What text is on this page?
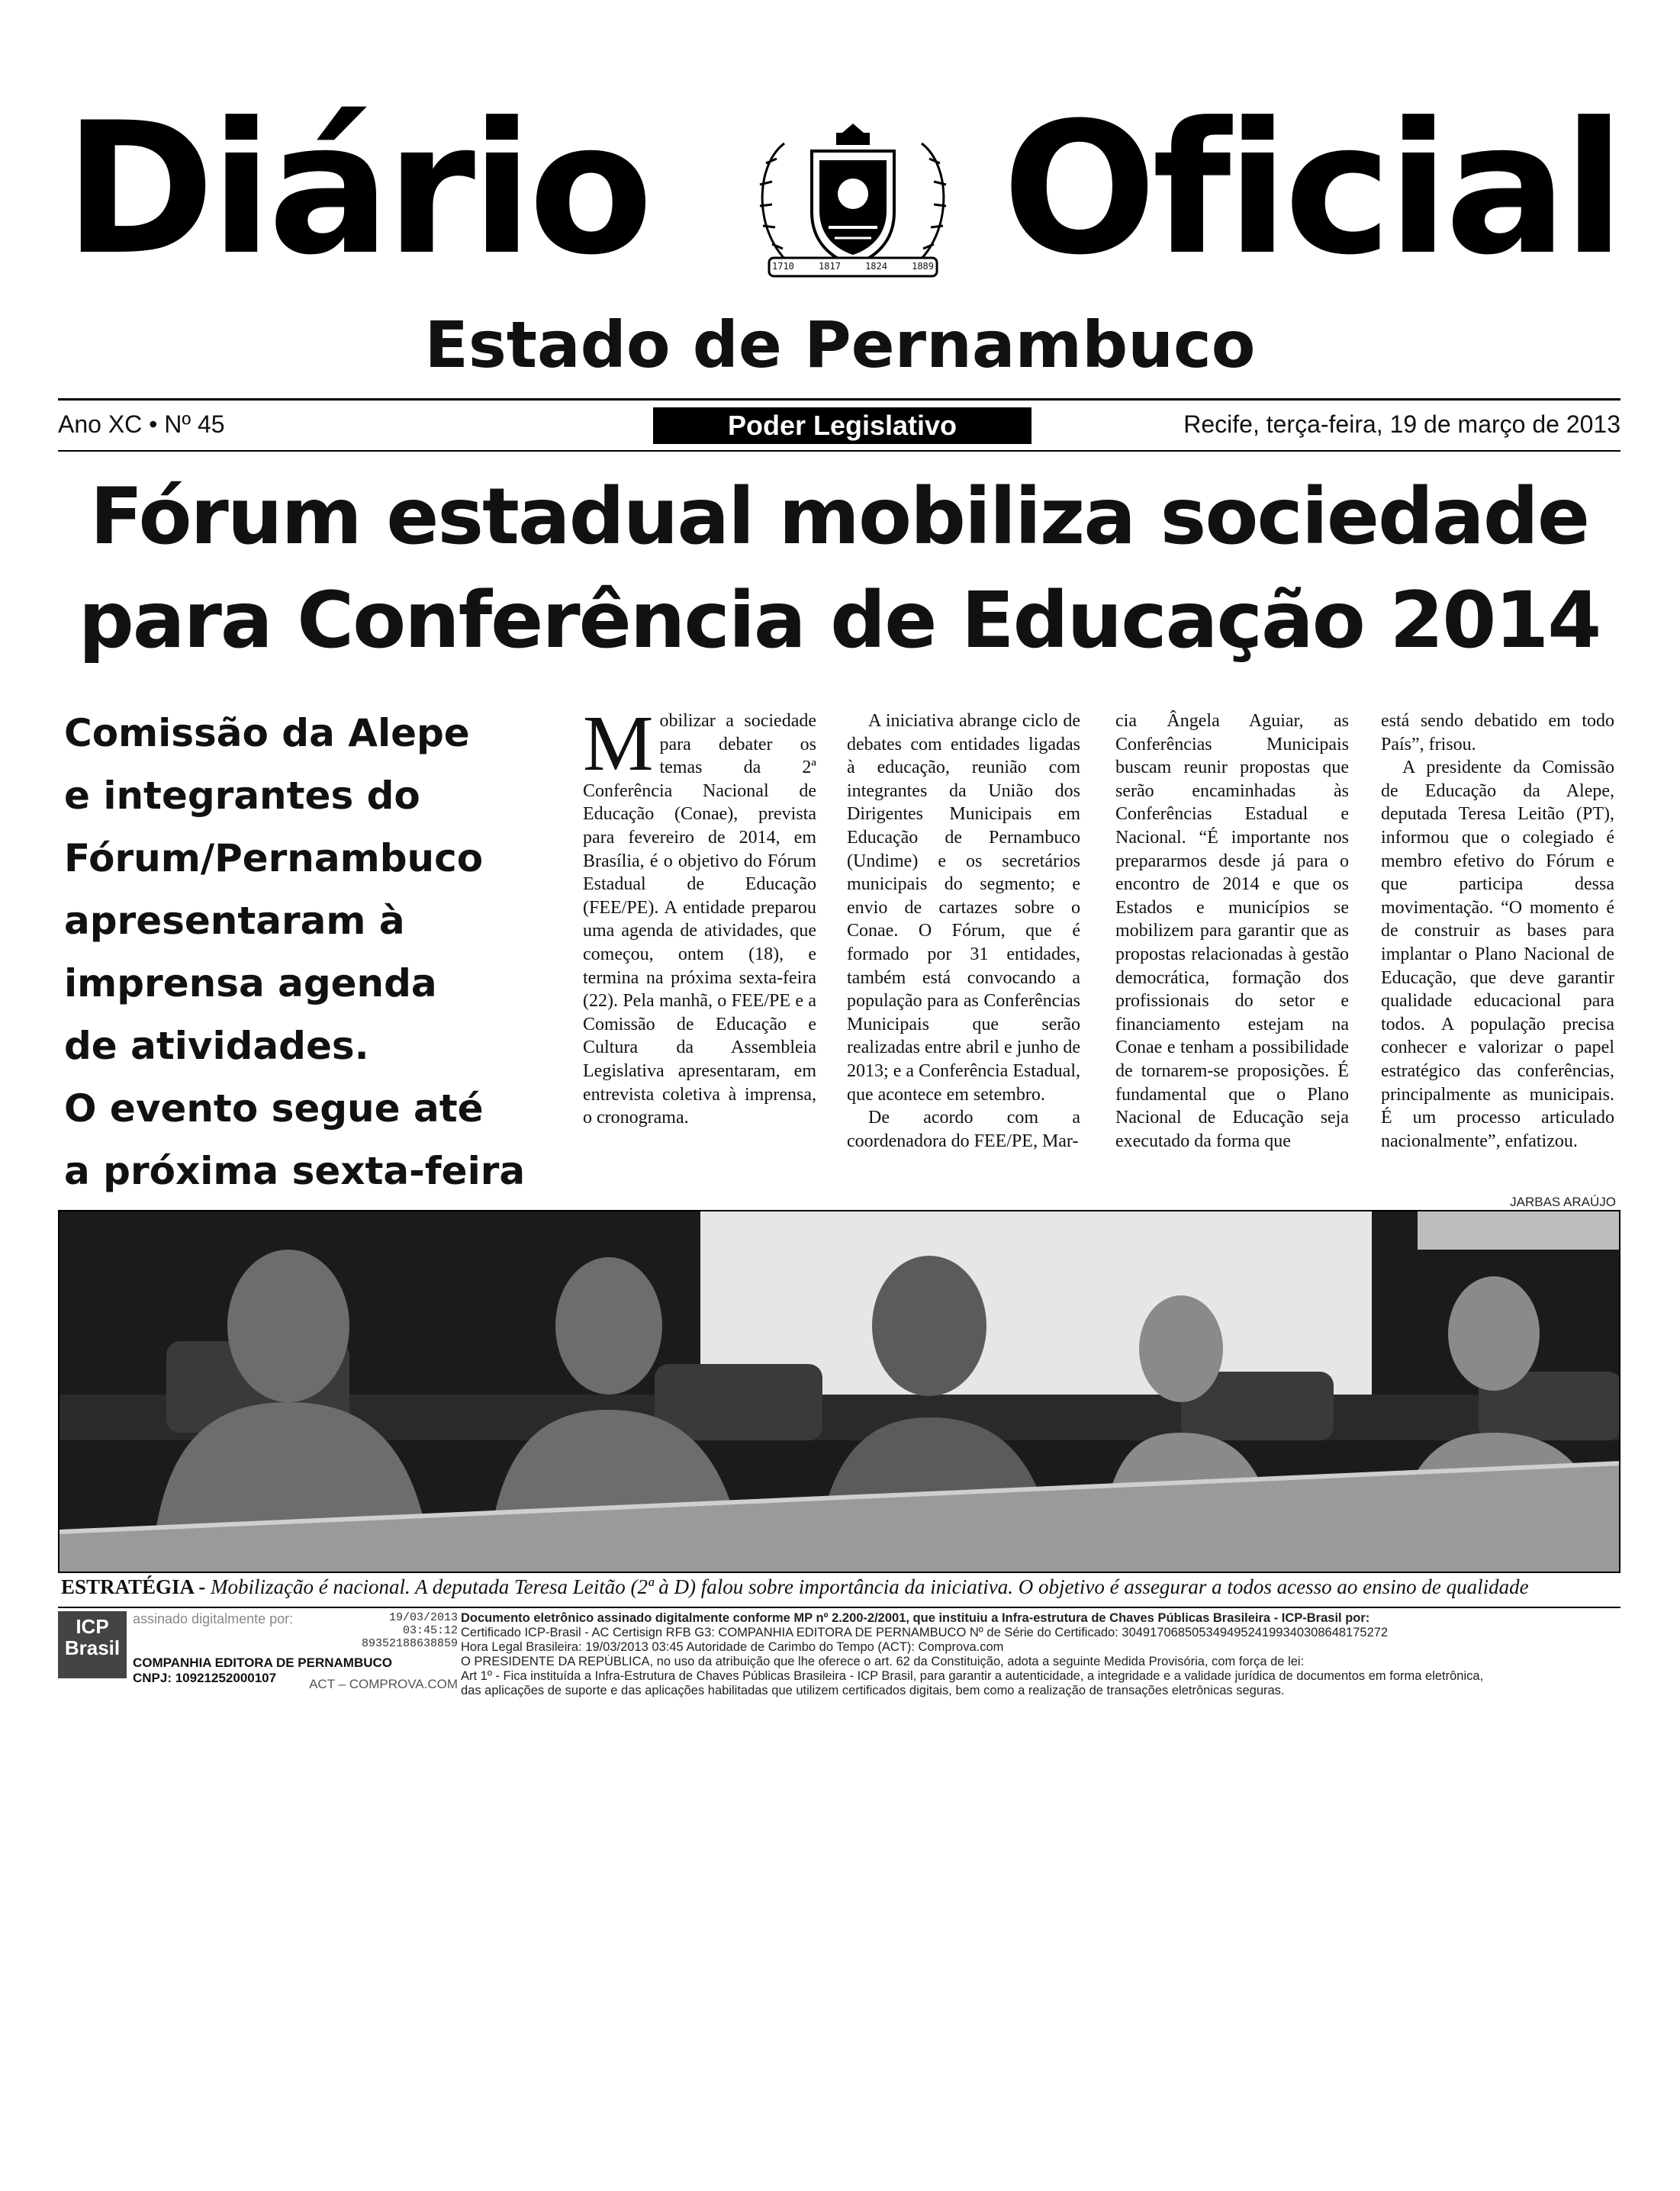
Diário Oficial
1710	1817	1824	1889
Estado de Pernambuco
Ano XC • Nº 45	Poder Legislativo	Recife, terça-feira, 19 de março de 2013
Fórum estadual mobiliza sociedade
para Conferência de Educação 2014
Comissão da Alepe
e integrantes do
Fórum/Pernambuco
apresentaram à
imprensa agenda
de atividades.
O evento segue até
a próxima sexta-feira
M obilizar a sociedade para debater os temas da 2ª Conferência Nacional de Educação (Conae), prevista para fevereiro de 2014, em Brasília, é o objetivo do Fórum Estadual de Educação (FEE/PE). A entidade preparou uma agenda de atividades, que começou, ontem (18), e termina na próxima sexta-feira (22). Pela manhã, o FEE/PE e a Comissão de Educação e Cultura da Assembleia Legislativa apresentaram, em entrevista coletiva à imprensa, o cronograma.

A iniciativa abrange ciclo de debates com entidades ligadas à educação, reunião com integrantes da União dos Dirigentes Municipais em Educação de Pernambuco (Undime) e os secretários municipais do segmento; e envio de cartazes sobre o Conae. O Fórum, que é formado por 31 entidades, também está convocando a população para as Conferências Municipais que serão realizadas entre abril e junho de 2013; e a Conferência Estadual, que acontece em setembro.

De acordo com a coordenadora do FEE/PE, Mar-

cia Ângela Aguiar, as Conferências Municipais buscam reunir propostas que serão encaminhadas às Conferências Estadual e Nacional. “É importante nos prepararmos desde já para o encontro de 2014 e que os Estados e municípios se mobilizem para garantir que as propostas relacionadas à gestão democrática, formação dos profissionais do setor e financiamento estejam na Conae e tenham a possibilidade de tornarem-se proposições. É fundamental que o Plano Nacional de Educação seja executado da forma que

está sendo debatido em todo País”, frisou.

A presidente da Comissão de Educação da Alepe, deputada Teresa Leitão (PT), informou que o colegiado é membro efetivo do Fórum e que participa dessa movimentação. “O momento é de construir as bases para implantar o Plano Nacional de Educação, que deve garantir qualidade educacional para todos. A população precisa conhecer e valorizar o papel estratégico das conferências, principalmente as municipais. É um processo articulado nacionalmente”, enfatizou.

JARBAS ARAÚJO
ESTRATÉGIA - Mobilização é nacional. A deputada Teresa Leitão (2ª à D) falou sobre importância da iniciativa. O objetivo é assegurar a todos acesso ao ensino de qualidade
ICP Brasil
assinado digitalmente por:	19/03/2013
03:45:12
89352188638859
COMPANHIA EDITORA DE PERNAMBUCO
CNPJ: 10921252000107	ACT – COMPROVA.COM
Documento eletrônico assinado digitalmente conforme MP nº 2.200-2/2001, que instituiu a Infra-estrutura de Chaves Públicas Brasileira - ICP-Brasil por:
Certificado ICP-Brasil - AC Certisign RFB G3: COMPANHIA EDITORA DE PERNAMBUCO Nº de Série do Certificado: 3049170685053494952419934030864817527​2
Hora Legal Brasileira: 19/03/2013 03:45 Autoridade de Carimbo do Tempo (ACT): Comprova.com
O PRESIDENTE DA REPÚBLICA, no uso da atribuição que lhe oferece o art. 62 da Constituição, adota a seguinte Medida Provisória, com força de lei:
Art 1º - Fica instituída a Infra-Estrutura de Chaves Públicas Brasileira - ICP Brasil, para garantir a autenticidade, a integridade e a validade jurídica de documentos em forma eletrônica,
das aplicações de suporte e das aplicações habilitadas que utilizem certificados digitais, bem como a realização de transações eletrônicas seguras.
